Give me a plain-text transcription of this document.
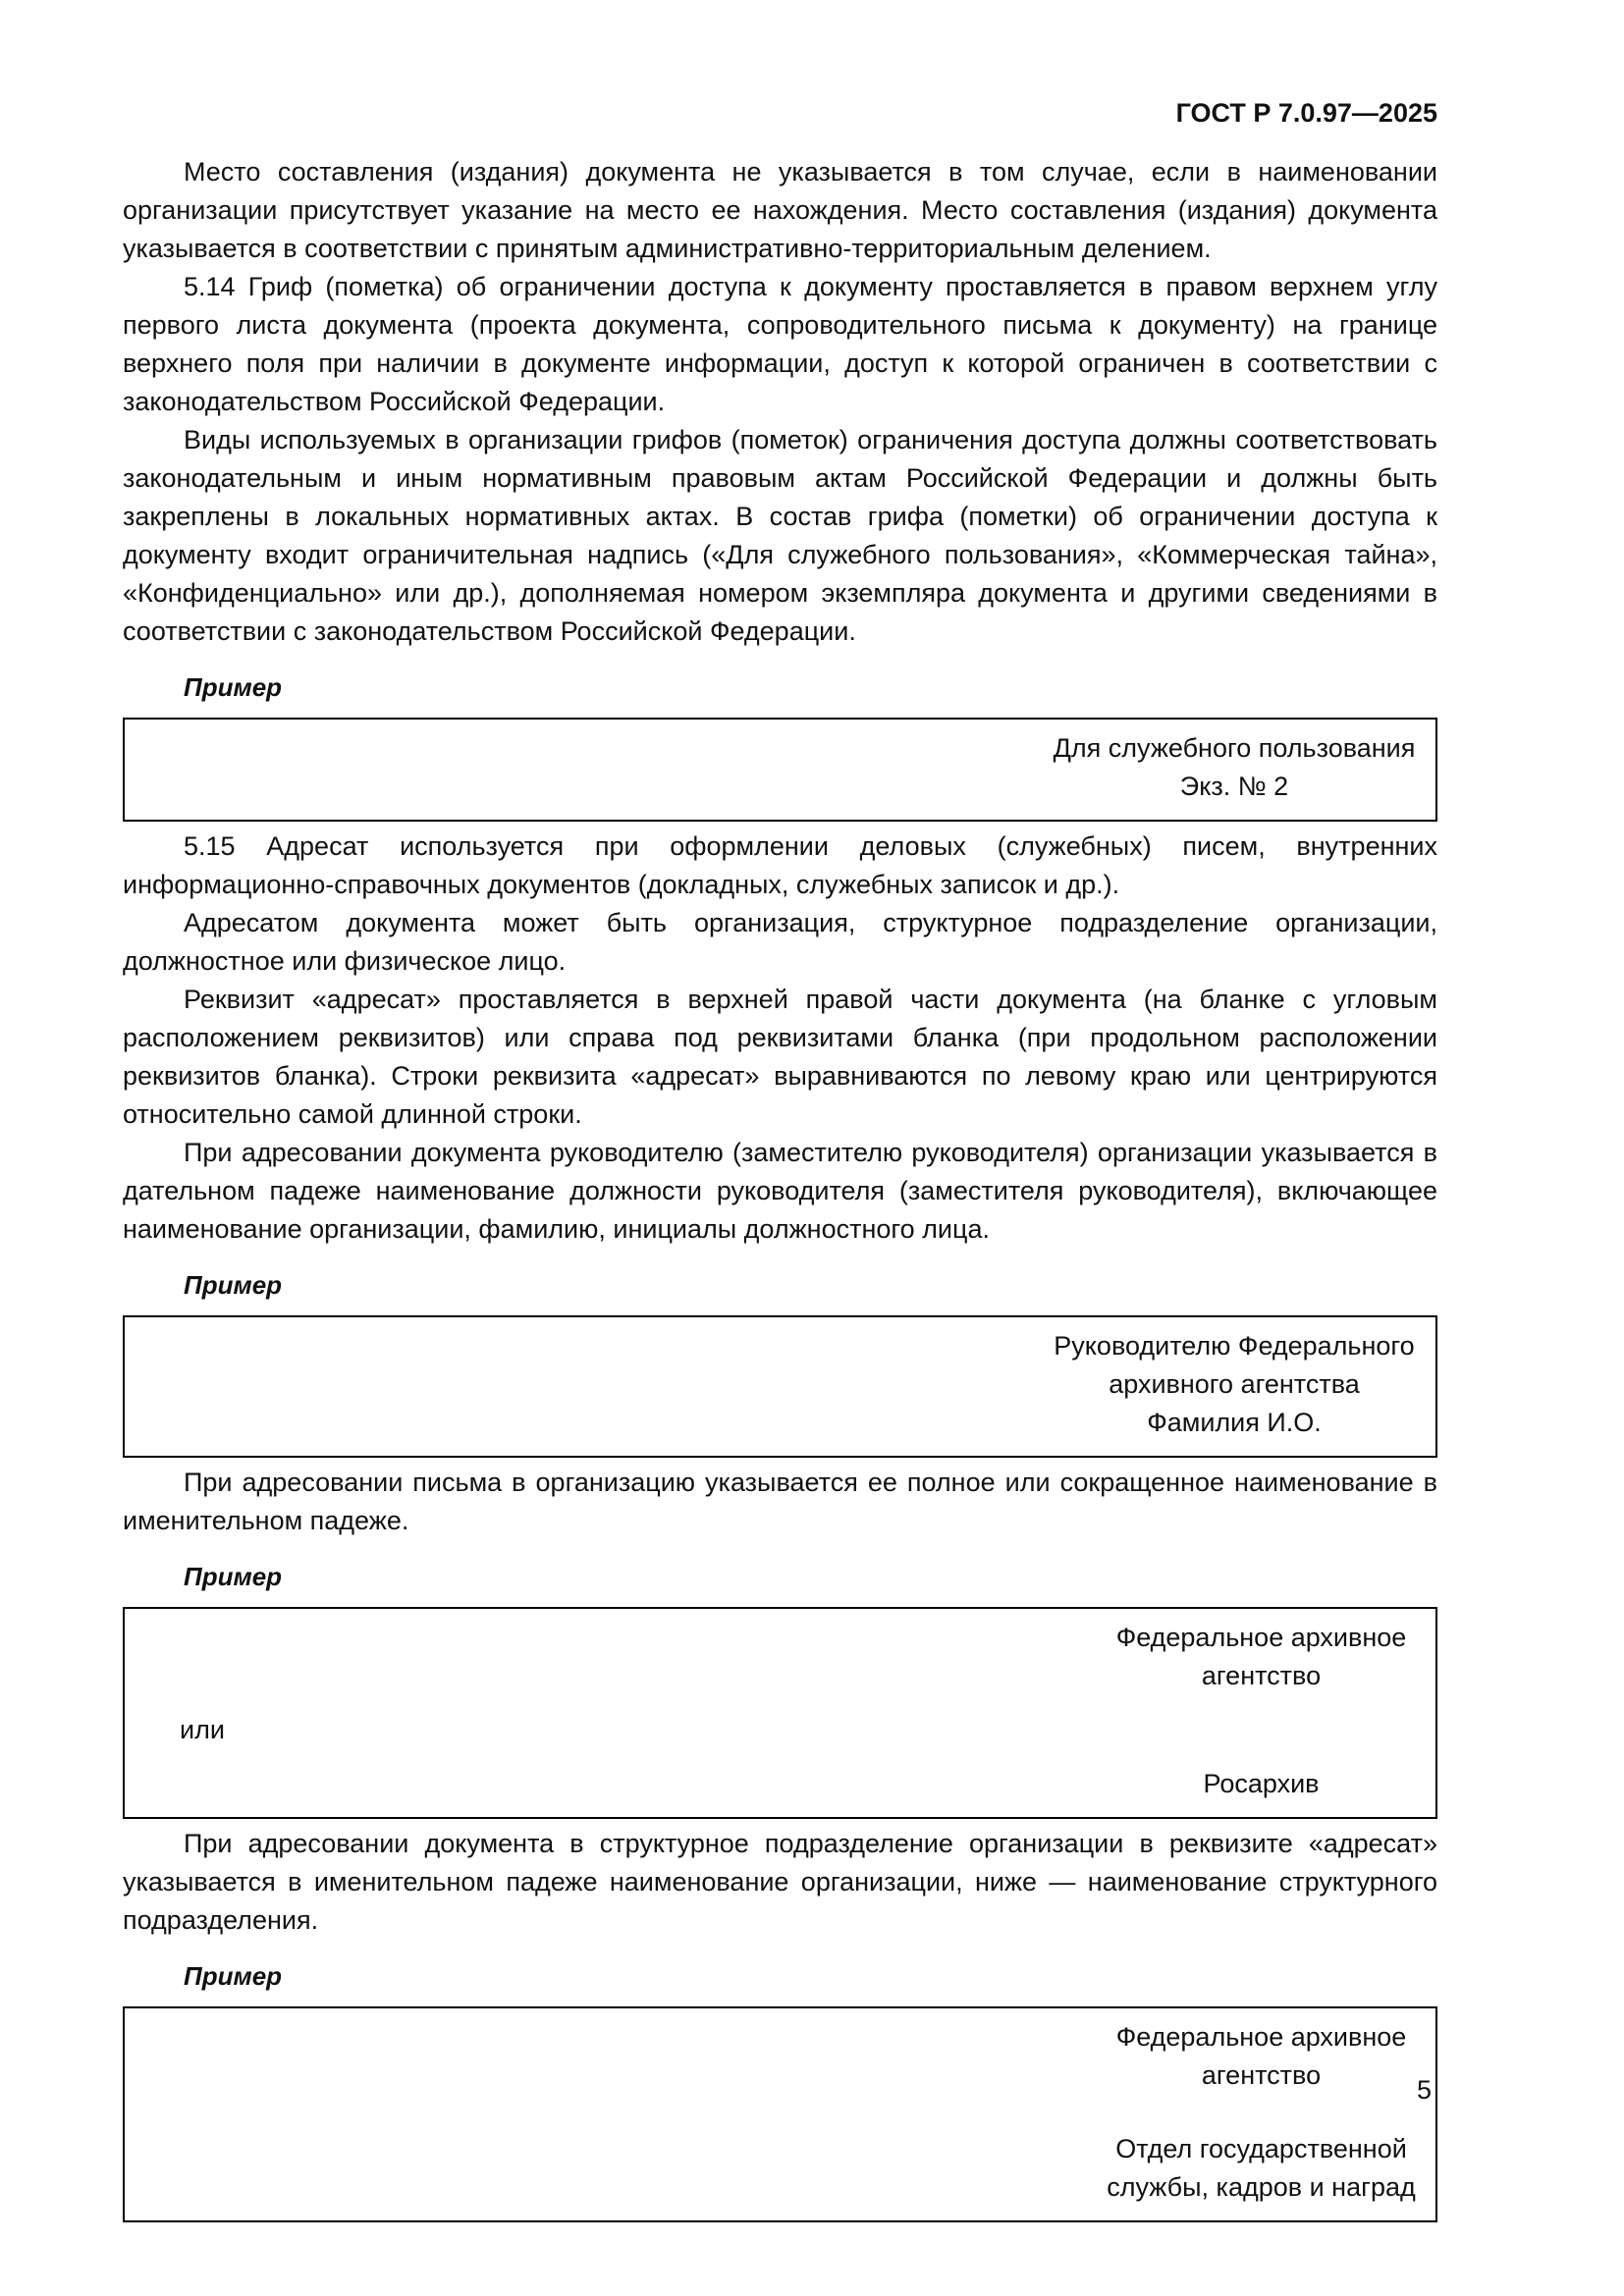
ГОСТ Р 7.0.97—2025

Место составления (издания) документа не указывается в том случае, если в наименовании организации присутствует указание на место ее нахождения. Место составления (издания) документа указывается в соответствии с принятым административно-территориальным делением.

5.14 Гриф (пометка) об ограничении доступа к документу проставляется в правом верхнем углу первого листа документа (проекта документа, сопроводительного письма к документу) на границе верхнего поля при наличии в документе информации, доступ к которой ограничен в соответствии с законодательством Российской Федерации.

Виды используемых в организации грифов (пометок) ограничения доступа должны соответствовать законодательным и иным нормативным правовым актам Российской Федерации и должны быть закреплены в локальных нормативных актах. В состав грифа (пометки) об ограничении доступа к документу входит ограничительная надпись («Для служебного пользования», «Коммерческая тайна», «Конфиденциально» или др.), дополняемая номером экземпляра документа и другими сведениями в соответствии с законодательством Российской Федерации.

Пример
Для служебного пользования
Экз. № 2

5.15 Адресат используется при оформлении деловых (служебных) писем, внутренних информационно-справочных документов (докладных, служебных записок и др.).

Адресатом документа может быть организация, структурное подразделение организации, должностное или физическое лицо.

Реквизит «адресат» проставляется в верхней правой части документа (на бланке с угловым расположением реквизитов) или справа под реквизитами бланка (при продольном расположении реквизитов бланка). Строки реквизита «адресат» выравниваются по левому краю или центрируются относительно самой длинной строки.

При адресовании документа руководителю (заместителю руководителя) организации указывается в дательном падеже наименование должности руководителя (заместителя руководителя), включающее наименование организации, фамилию, инициалы должностного лица.

Пример
Руководителю Федерального
архивного агентства
Фамилия И.О.

При адресовании письма в организацию указывается ее полное или сокращенное наименование в именительном падеже.

Пример
Федеральное архивное
агентство
или
Росархив

При адресовании документа в структурное подразделение организации в реквизите «адресат» указывается в именительном падеже наименование организации, ниже — наименование структурного подразделения.

Пример
Федеральное архивное
агентство
Отдел государственной
службы, кадров и наград
5
